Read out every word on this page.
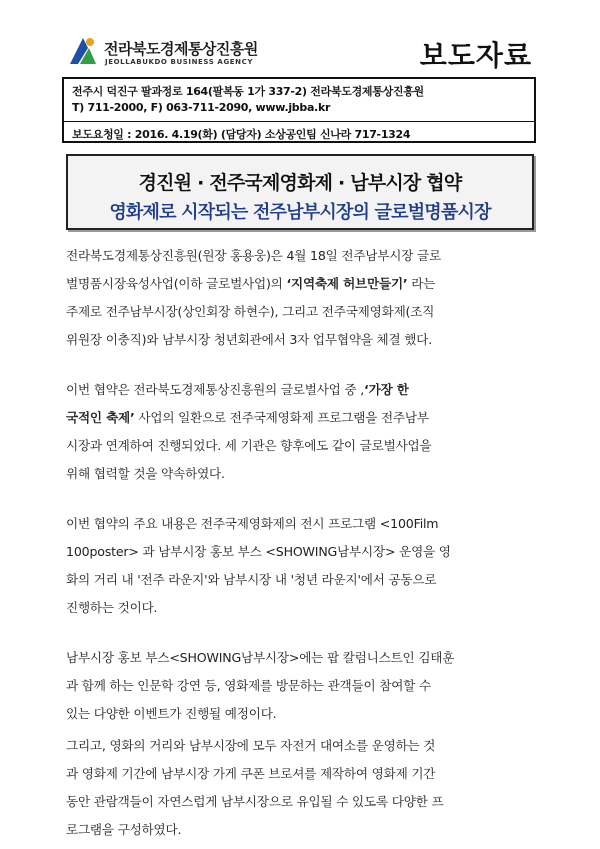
전라북도경제통상진흥원
JEOLLABUKDO BUSINESS AGENCY	보도자료
전주시 덕진구 팔과정로 164(팔복동 1가 337-2) 전라북도경제통상진흥원
T) 711-2000, F) 063-711-2090, www.jbba.kr
보도요청일 : 2016. 4.19(화) (담당자) 소상공인팀 신나라 717-1324
경진원 · 전주국제영화제 · 남부시장 협약
영화제로 시작되는 전주남부시장의 글로벌명품시장

전라북도경제통상진흥원(원장 홍용웅)은 4월 18일 전주남부시장 글로

벌명품시장육성사업(이하 글로벌사업)의 ‘지역축제 허브만들기’ 라는

주제로 전주남부시장(상인회장 하현수), 그리고 전주국제영화제(조직

위원장 이충직)와 남부시장 청년회관에서 3자 업무협약을 체결 했다.

이번 협약은 전라북도경제통상진흥원의 글로벌사업 중 ,‘가장 한

국적인 축제’ 사업의 일환으로 전주국제영화제 프로그램을 전주남부

시장과 연계하여 진행되었다. 세 기관은 향후에도 같이 글로벌사업을

위해 협력할 것을 약속하였다.

이번 협약의 주요 내용은 전주국제영화제의 전시 프로그램 <100Film

100poster> 과 남부시장 홍보 부스 <SHOWING남부시장> 운영을 영

화의 거리 내 '전주 라운지'와 남부시장 내 '청년 라운지'에서 공동으로

진행하는 것이다.

남부시장 홍보 부스<SHOWING남부시장>에는 팝 칼럼니스트인 김태훈

과 함께 하는 인문학 강연 등, 영화제를 방문하는 관객들이 참여할 수

있는 다양한 이벤트가 진행될 예정이다.

그리고, 영화의 거리와 남부시장에 모두 자전거 대여소를 운영하는 것

과 영화제 기간에 남부시장 가게 쿠폰 브로셔를 제작하여 영화제 기간

동안 관람객들이 자연스럽게 남부시장으로 유입될 수 있도록 다양한 프

로그램을 구성하였다.
